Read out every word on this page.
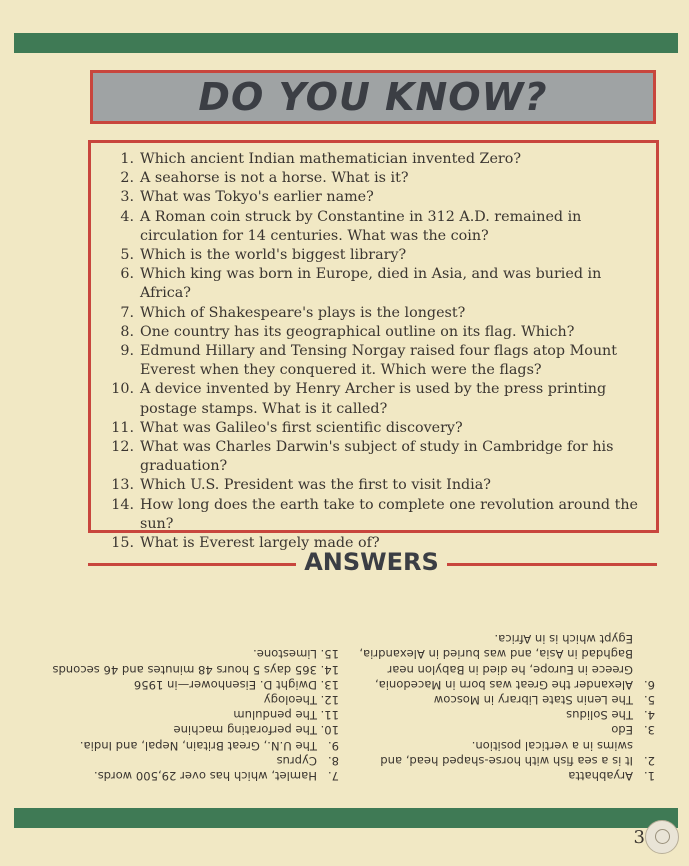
DO YOU KNOW?
1. Which ancient Indian mathematician invented Zero?
2. A seahorse is not a horse. What is it?
3. What was Tokyo's earlier name?
4. A Roman coin struck by Constantine in 312 A.D. remained in circulation for 14 centuries. What was the coin?
5. Which is the world's biggest library?
6. Which king was born in Europe, died in Asia, and was buried in Africa?
7. Which of Shakespeare's plays is the longest?
8. One country has its geographical outline on its flag. Which?
9. Edmund Hillary and Tensing Norgay raised four flags atop Mount Everest when they conquered it. Which were the flags?
10. A device invented by Henry Archer is used by the press printing postage stamps. What is it called?
11. What was Galileo's first scientific discovery?
12. What was Charles Darwin's subject of study in Cambridge for his graduation?
13. Which U.S. President was the first to visit India?
14. How long does the earth take to complete one revolution around the sun?
15. What is Everest largely made of?
ANSWERS
1.
Aryabhatta
2.
It is a sea fish with horse-shaped head, and swims in a vertical position.
3.
Edo
4.
The Solidus
5.
The Lenin State Library in Moscow
6.
Alexander the Great was born in Macedonia, Greece in Europe, he died in Babylon near Baghdad in Asia, and was buried in Alexandria, Egypt which is in Africa.
7.
Hamlet, which has over 29,500 words.
8.
Cyprus
9.
The U.N., Great Britain, Nepal, and India.
10.
The perforating machine
11.
The pendulum
12.
Theology
13.
Dwight D. Eisenhower—in 1956
14.
365 days 5 hours 48 minutes and 46 seconds
15.
Limestone.
3
